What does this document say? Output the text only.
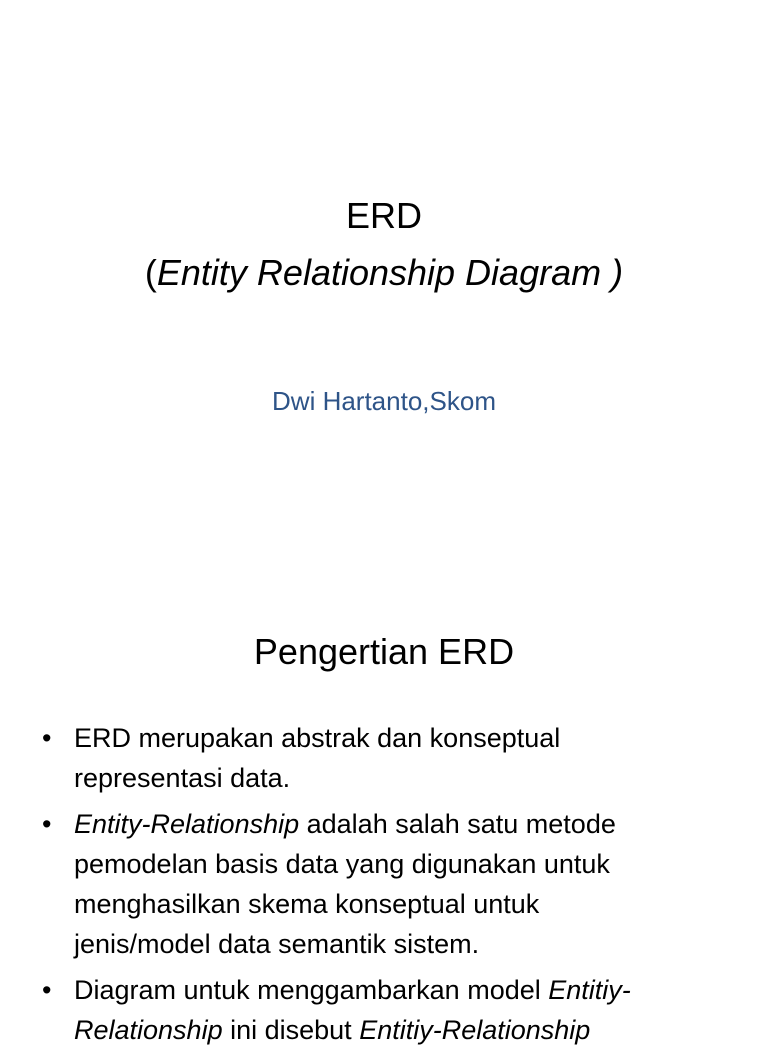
ERD
(Entity Relationship Diagram )
Dwi Hartanto,Skom
Pengertian ERD
• ERD merupakan abstrak dan konseptual
representasi data.
• Entity-Relationship adalah salah satu metode
pemodelan basis data yang digunakan untuk
menghasilkan skema konseptual untuk
jenis/model data semantik sistem.
• Diagram untuk menggambarkan model Entitiy-
Relationship ini disebut Entitiy-Relationship
